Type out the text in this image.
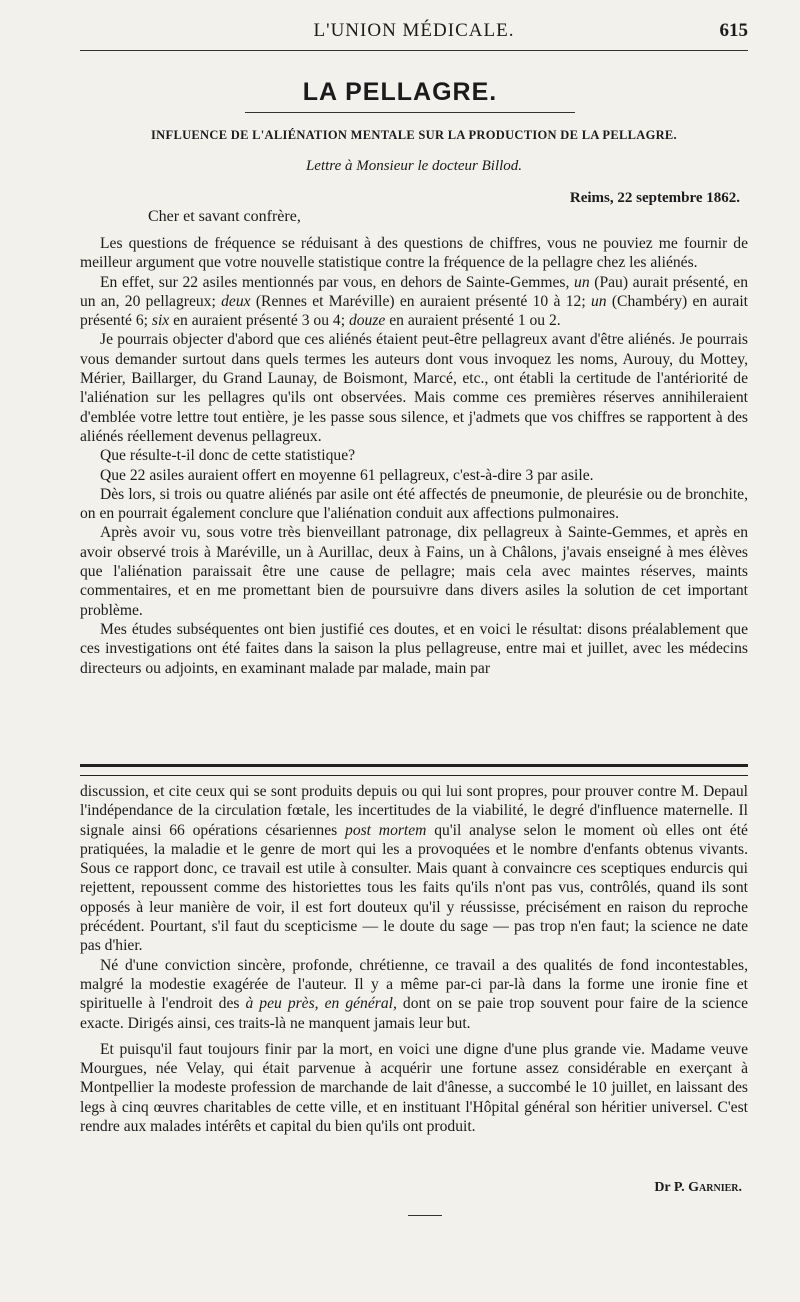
L'UNION MÉDICALE.	615
LA PELLAGRE.
INFLUENCE DE L'ALIÉNATION MENTALE SUR LA PRODUCTION DE LA PELLAGRE.
Lettre à Monsieur le docteur Billod.
Reims, 22 septembre 1862.
Cher et savant confrère,

Les questions de fréquence se réduisant à des questions de chiffres, vous ne pouviez me fournir de meilleur argument que votre nouvelle statistique contre la fréquence de la pellagre chez les aliénés.

En effet, sur 22 asiles mentionnés par vous, en dehors de Sainte-Gemmes, un (Pau) aurait présenté, en un an, 20 pellagreux; deux (Rennes et Maréville) en auraient présenté 10 à 12; un (Chambéry) en aurait présenté 6; six en auraient présenté 3 ou 4; douze en auraient présenté 1 ou 2.

Je pourrais objecter d'abord que ces aliénés étaient peut-être pellagreux avant d'être aliénés. Je pourrais vous demander surtout dans quels termes les auteurs dont vous invoquez les noms, Aurouy, du Mottey, Mérier, Baillarger, du Grand Launay, de Boismont, Marcé, etc., ont établi la certitude de l'antériorité de l'aliénation sur les pellagres qu'ils ont observées. Mais comme ces premières réserves annihileraient d'emblée votre lettre tout entière, je les passe sous silence, et j'admets que vos chiffres se rapportent à des aliénés réellement devenus pellagreux.

Que résulte-t-il donc de cette statistique?

Que 22 asiles auraient offert en moyenne 61 pellagreux, c'est-à-dire 3 par asile.

Dès lors, si trois ou quatre aliénés par asile ont été affectés de pneumonie, de pleurésie ou de bronchite, on en pourrait également conclure que l'aliénation conduit aux affections pulmonaires.

Après avoir vu, sous votre très bienveillant patronage, dix pellagreux à Sainte-Gemmes, et après en avoir observé trois à Maréville, un à Aurillac, deux à Fains, un à Châlons, j'avais enseigné à mes élèves que l'aliénation paraissait être une cause de pellagre; mais cela avec maintes réserves, maints commentaires, et en me promettant bien de poursuivre dans divers asiles la solution de cet important problème.

Mes études subséquentes ont bien justifié ces doutes, et en voici le résultat: disons préalablement que ces investigations ont été faites dans la saison la plus pellagreuse, entre mai et juillet, avec les médecins directeurs ou adjoints, en examinant malade par malade, main par

discussion, et cite ceux qui se sont produits depuis ou qui lui sont propres, pour prouver contre M. Depaul l'indépendance de la circulation fœtale, les incertitudes de la viabilité, le degré d'influence maternelle. Il signale ainsi 66 opérations césariennes post mortem qu'il analyse selon le moment où elles ont été pratiquées, la maladie et le genre de mort qui les a provoquées et le nombre d'enfants obtenus vivants. Sous ce rapport donc, ce travail est utile à consulter. Mais quant à convaincre ces sceptiques endurcis qui rejettent, repoussent comme des historiettes tous les faits qu'ils n'ont pas vus, contrôlés, quand ils sont opposés à leur manière de voir, il est fort douteux qu'il y réussisse, précisément en raison du reproche précédent. Pourtant, s'il faut du scepticisme — le doute du sage — pas trop n'en faut; la science ne date pas d'hier.

Né d'une conviction sincère, profonde, chrétienne, ce travail a des qualités de fond incontestables, malgré la modestie exagérée de l'auteur. Il y a même par-ci par-là dans la forme une ironie fine et spirituelle à l'endroit des à peu près, en général, dont on se paie trop souvent pour faire de la science exacte. Dirigés ainsi, ces traits-là ne manquent jamais leur but.

Et puisqu'il faut toujours finir par la mort, en voici une digne d'une plus grande vie. Madame veuve Mourgues, née Velay, qui était parvenue à acquérir une fortune assez considérable en exerçant à Montpellier la modeste profession de marchande de lait d'ânesse, a succombé le 10 juillet, en laissant des legs à cinq œuvres charitables de cette ville, et en instituant l'Hôpital général son héritier universel. C'est rendre aux malades intérêts et capital du bien qu'ils ont produit.

Dr P. Garnier.
